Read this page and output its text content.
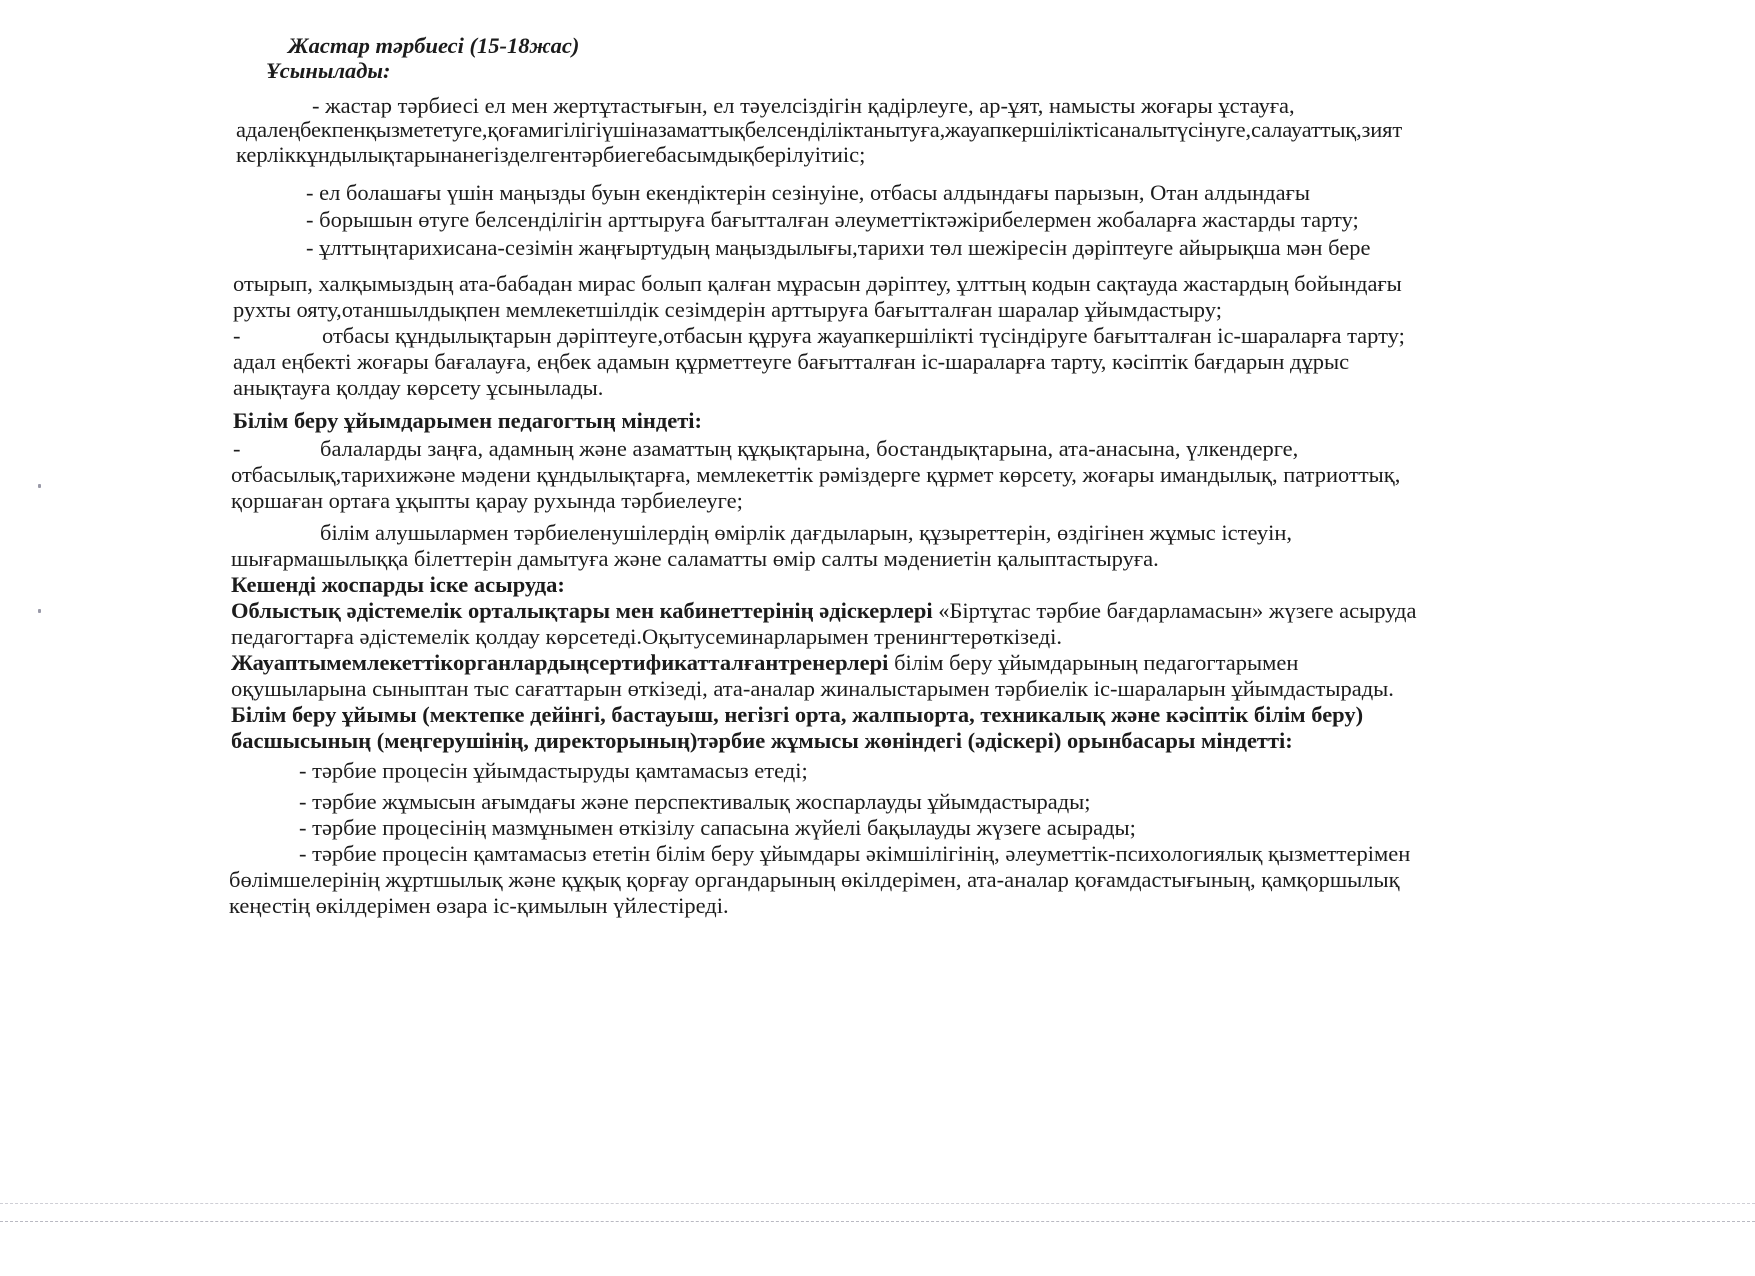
Жастар тәрбиесі (15-18жас)
Ұсынылады:
- жастар тәрбиесі ел мен жертұтастығын, ел тәуелсіздігін қадірлеуге, ар-ұят, намысты жоғары ұстауға,
адалеңбекпенқызмететуге,қоғамигілігіүшіназаматтықбелсенділіктанытуға,жауапкершіліктісаналытүсінуге,салауаттық,зият
керліккұндылықтарынанегізделгентәрбиегебасымдықберілуітиіс;
- ел болашағы үшін маңызды буын екендіктерін сезінуіне, отбасы алдындағы парызын, Отан алдындағы
- борышын өтуге белсенділігін арттыруға бағытталған әлеуметтіктәжірибелермен жобаларға жастарды тарту;
- ұлттыңтарихисана-сезімін жаңғыртудың маңыздылығы,тарихи төл шежіресін дәріптеуге айырықша мән бере
отырып, халқымыздың ата-бабадан мирас болып қалған мұрасын дәріптеу, ұлттың кодын сақтауда жастардың бойындағы
рухты ояту,отаншылдықпен мемлекетшілдік сезімдерін арттыруға бағытталған шаралар ұйымдастыру;
-	отбасы құндылықтарын дәріптеуге,отбасын құруға жауапкершілікті түсіндіруге бағытталған іс-шараларға тарту;
адал еңбекті жоғары бағалауға, еңбек адамын құрметтеуге бағытталған іс-шараларға тарту, кәсіптік бағдарын дұрыс
анықтауға қолдау көрсету ұсынылады.
Білім беру ұйымдарымен педагогтың міндеті:
-	балаларды заңға, адамның және азаматтың құқықтарына, бостандықтарына, ата-анасына, үлкендерге,
отбасылық,тарихижәне мәдени құндылықтарға, мемлекеттік рәміздерге құрмет көрсету, жоғары имандылық, патриоттық,
қоршаған ортаға ұқыпты қарау рухында тәрбиелеуге;
білім алушылармен тәрбиеленушілердің өмірлік дағдыларын, құзыреттерін, өздігінен жұмыс істеуін,
шығармашылыққа білеттерін дамытуға және саламатты өмір салты мәдениетін қалыптастыруға.
Кешенді жоспарды іске асыруда:
Облыстық әдістемелік орталықтары мен кабинеттерінің әдіскерлері «Біртұтас тәрбие бағдарламасын» жүзеге асыруда
педагогтарға әдістемелік қолдау көрсетеді.Оқытусеминарларымен тренингтерөткізеді.
Жауаптымемлекеттікорганлардыңсертификатталғантренерлері білім беру ұйымдарының педагогтарымен
оқушыларына сыныптан тыс сағаттарын өткізеді, ата-аналар жиналыстарымен тәрбиелік іс-шараларын ұйымдастырады.
Білім беру ұйымы (мектепке дейінгі, бастауыш, негізгі орта, жалпыорта, техникалық және кәсіптік білім беру)
басшысының (меңгерушінің, директорының)тәрбие жұмысы жөніндегі (әдіскері) орынбасары міндетті:
- тәрбие процесін ұйымдастыруды қамтамасыз етеді;
- тәрбие жұмысын ағымдағы және перспективалық жоспарлауды ұйымдастырады;
- тәрбие процесінің мазмұнымен өткізілу сапасына жүйелі бақылауды жүзеге асырады;
- тәрбие процесін қамтамасыз ететін білім беру ұйымдары әкімшілігінің, әлеуметтік-психологиялық қызметтерімен
бөлімшелерінің жұртшылық және құқық қорғау органдарының өкілдерімен, ата-аналар қоғамдастығының, қамқоршылық
кеңестің өкілдерімен өзара іс-қимылын үйлестіреді.
